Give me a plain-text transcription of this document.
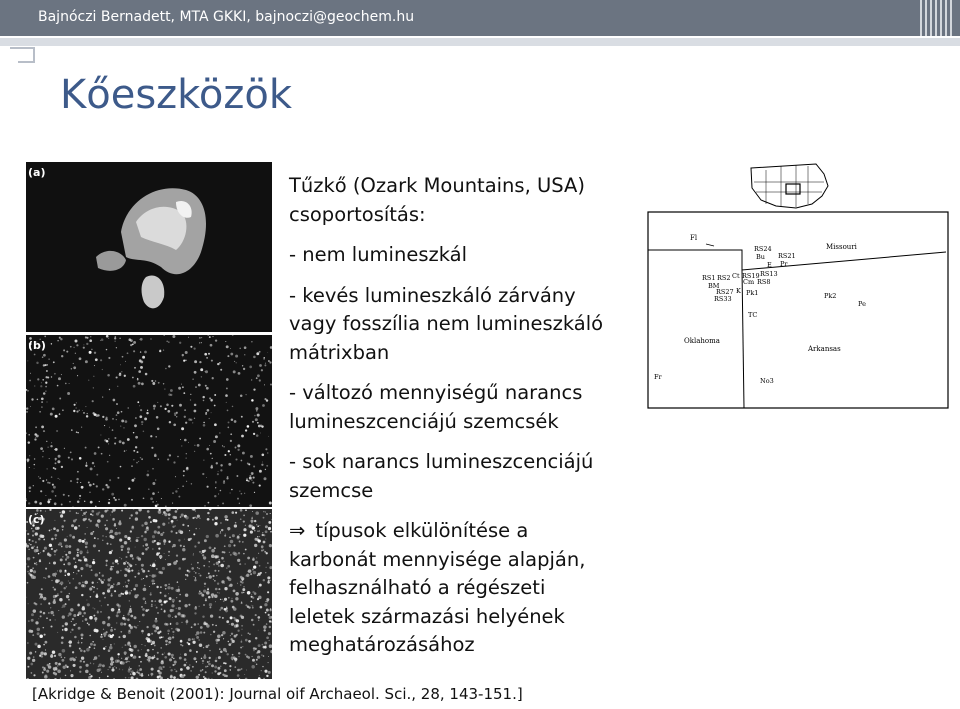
Bajnóczi Bernadett, MTA GKKI, bajnoczi@geochem.hu
Kőeszközök
(a)
(b)
(c)

Tűzkő (Ozark Mountains, USA)

csoportosítás:

- nem lumineszkál

- kevés lumineszkáló zárvány

vagy fosszília nem lumineszkáló

mátrixban

- változó mennyiségű narancs

lumineszcenciájú szemcsék

- sok narancs lumineszcenciájú

szemcse

⇒ típusok elkülönítése a

karbonát mennyisége alapján,

felhasználható a régészeti

leletek származási helyének

meghatározásához

[Akridge & Benoit (2001): Journal oif Archaeol. Sci., 28, 143-151.]
Missouri
Oklahoma
Arkansas
Fl
RS24
Bu
E
RS21
Pr
RS1 RS2 Ct RS19 RS13
Cm RS8
BM
RS27 K Pk1
RS33
TC
Pk2
Pe
Fr	No3
